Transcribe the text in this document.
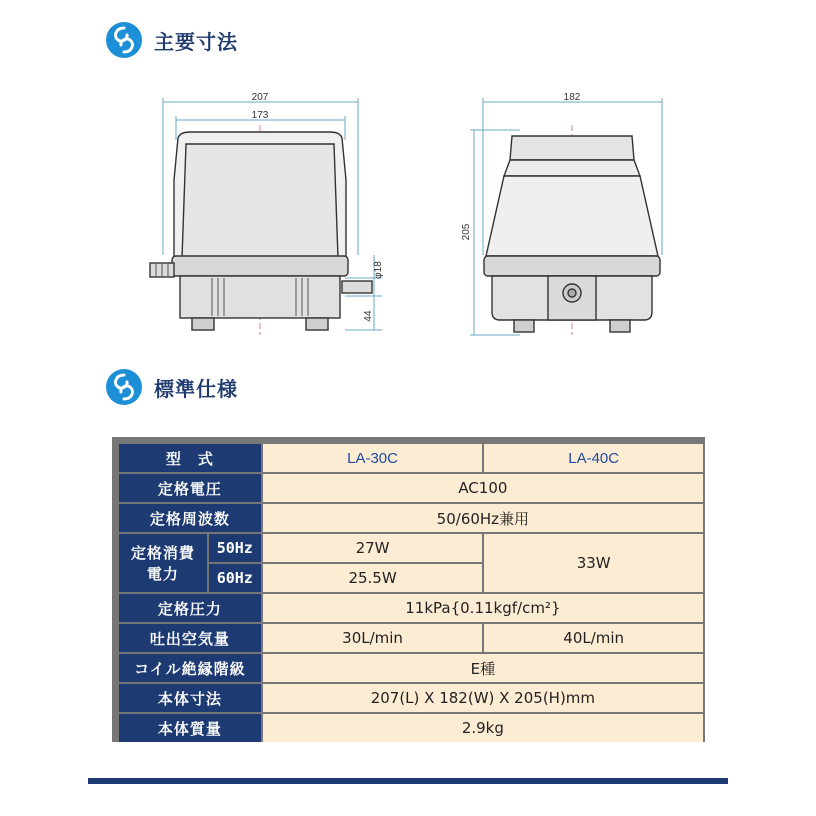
主要寸法
207
173
182
205
φ18
44
標準仕様
型　式		LA-30C	LA-40C
定格電圧		AC100	
定格周波数		50/60Hz兼用	

定格消費
電力	50Hz	27W	33W
	60Hz	25.5W	
定格圧力		11kPa{0.11kgf/cm²}	
吐出空気量		30L/min	40L/min
コイル絶縁階級		E種	
本体寸法		207(L) X 182(W) X 205(H)mm	
本体質量		2.9kg	
